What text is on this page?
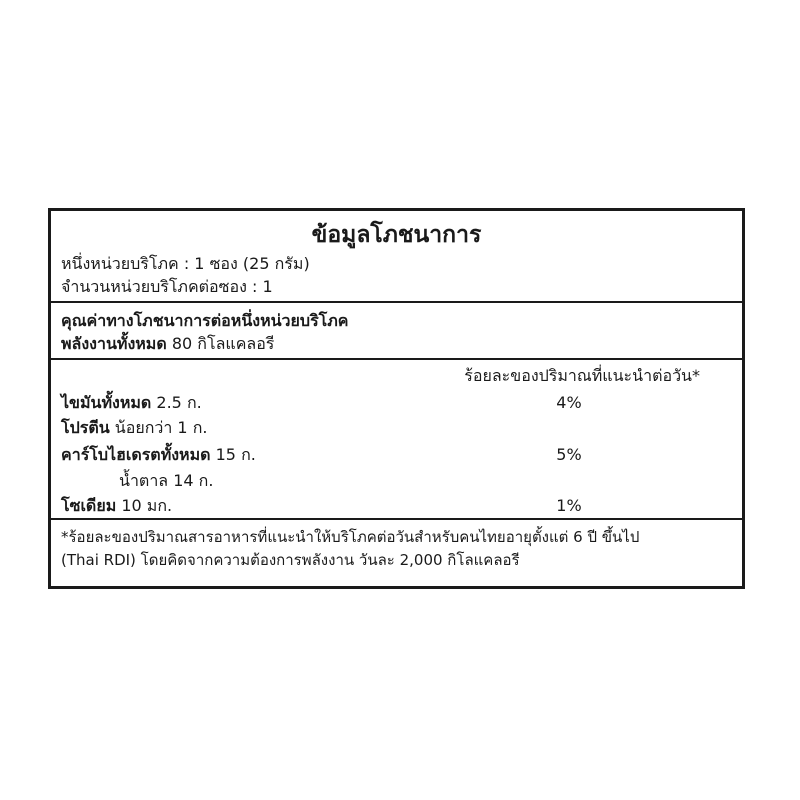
ข้อมูลโภชนาการ
หนึ่งหน่วยบริโภค : 1 ซอง (25 กรัม)
จำนวนหน่วยบริโภคต่อซอง : 1
คุณค่าทางโภชนาการต่อหนึ่งหน่วยบริโภค
พลังงานทั้งหมด 80 กิโลแคลอรี
ร้อยละของปริมาณที่แนะนำต่อวัน*
ไขมันทั้งหมด 2.5 ก.	4%
โปรตีน น้อยกว่า 1 ก.
คาร์โบไฮเดรตทั้งหมด 15 ก.	5%
น้ำตาล 14 ก.
โซเดียม 10 มก.	1%
*ร้อยละของปริมาณสารอาหารที่แนะนำให้บริโภคต่อวันสำหรับคนไทยอายุตั้งแต่ 6 ปี ขึ้นไป
(Thai RDI) โดยคิดจากความต้องการพลังงาน วันละ 2,000 กิโลแคลอรี
